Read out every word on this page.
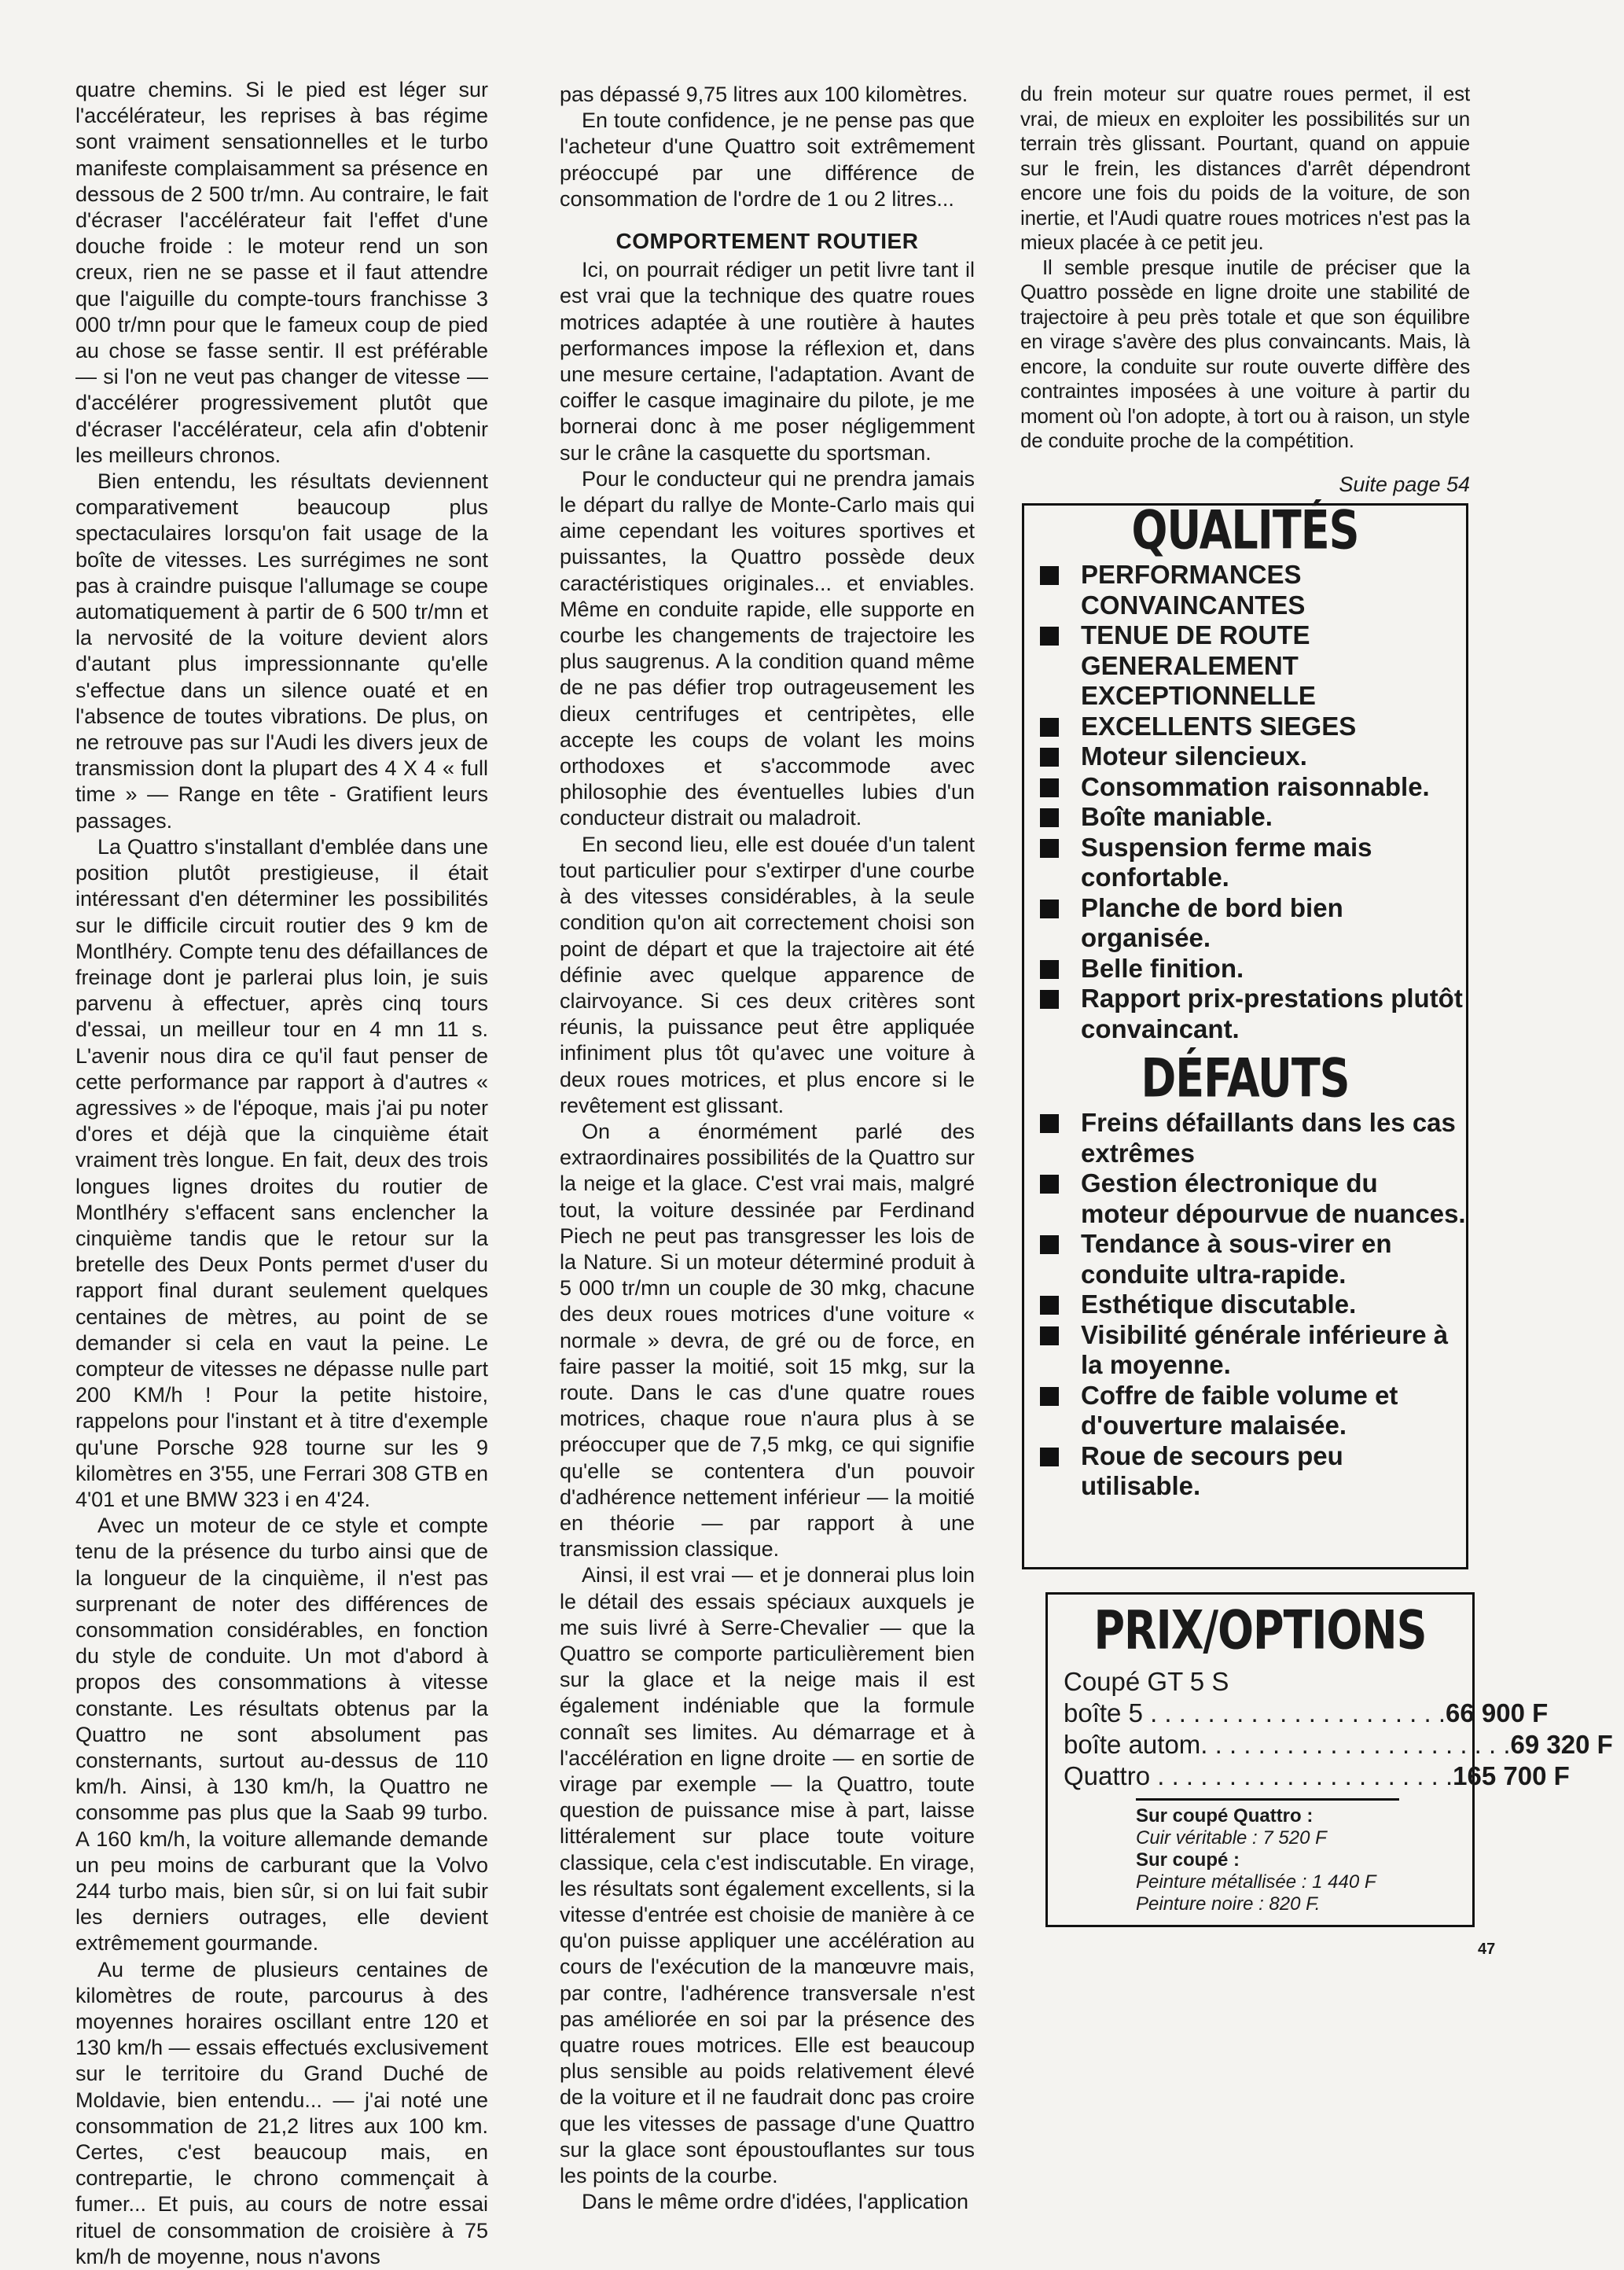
quatre chemins. Si le pied est léger sur l'accélérateur, les reprises à bas régime sont vraiment sensationnelles et le turbo manifeste complaisamment sa présence en dessous de 2 500 tr/mn. Au contraire, le fait d'écraser l'accélérateur fait l'effet d'une douche froide : le moteur rend un son creux, rien ne se passe et il faut attendre que l'aiguille du compte-tours franchisse 3 000 tr/mn pour que le fameux coup de pied au chose se fasse sentir. Il est préférable — si l'on ne veut pas changer de vitesse — d'accélérer progressivement plutôt que d'écraser l'accélérateur, cela afin d'obtenir les meilleurs chronos.

Bien entendu, les résultats deviennent comparativement beaucoup plus spectaculaires lorsqu'on fait usage de la boîte de vitesses. Les surrégimes ne sont pas à craindre puisque l'allumage se coupe automatiquement à partir de 6 500 tr/mn et la nervosité de la voiture devient alors d'autant plus impressionnante qu'elle s'effectue dans un silence ouaté et en l'absence de toutes vibrations. De plus, on ne retrouve pas sur l'Audi les divers jeux de transmission dont la plupart des 4 X 4 « full time » — Range en tête - Gratifient leurs passages.

La Quattro s'installant d'emblée dans une position plutôt prestigieuse, il était intéressant d'en déterminer les possibilités sur le difficile circuit routier des 9 km de Montlhéry. Compte tenu des défaillances de freinage dont je parlerai plus loin, je suis parvenu à effectuer, après cinq tours d'essai, un meilleur tour en 4 mn 11 s. L'avenir nous dira ce qu'il faut penser de cette performance par rapport à d'autres « agressives » de l'époque, mais j'ai pu noter d'ores et déjà que la cinquième était vraiment très longue. En fait, deux des trois longues lignes droites du routier de Montlhéry s'effacent sans enclencher la cinquième tandis que le retour sur la bretelle des Deux Ponts permet d'user du rapport final durant seulement quelques centaines de mètres, au point de se demander si cela en vaut la peine. Le compteur de vitesses ne dépasse nulle part 200 KM/h ! Pour la petite histoire, rappelons pour l'instant et à titre d'exemple qu'une Porsche 928 tourne sur les 9 kilomètres en 3'55, une Ferrari 308 GTB en 4'01 et une BMW 323 i en 4'24.

Avec un moteur de ce style et compte tenu de la présence du turbo ainsi que de la longueur de la cinquième, il n'est pas surprenant de noter des différences de consommation considérables, en fonction du style de conduite. Un mot d'abord à propos des consommations à vitesse constante. Les résultats obtenus par la Quattro ne sont absolument pas consternants, surtout au-dessus de 110 km/h. Ainsi, à 130 km/h, la Quattro ne consomme pas plus que la Saab 99 turbo. A 160 km/h, la voiture allemande demande un peu moins de carburant que la Volvo 244 turbo mais, bien sûr, si on lui fait subir les derniers outrages, elle devient extrêmement gourmande.

Au terme de plusieurs centaines de kilomètres de route, parcourus à des moyennes horaires oscillant entre 120 et 130 km/h — essais effectués exclusivement sur le territoire du Grand Duché de Moldavie, bien entendu... — j'ai noté une consommation de 21,2 litres aux 100 km. Certes, c'est beaucoup mais, en contrepartie, le chrono commençait à fumer... Et puis, au cours de notre essai rituel de consommation de croisière à 75 km/h de moyenne, nous n'avons

pas dépassé 9,75 litres aux 100 kilomètres.

En toute confidence, je ne pense pas que l'acheteur d'une Quattro soit extrêmement préoccupé par une différence de consommation de l'ordre de 1 ou 2 litres...

COMPORTEMENT ROUTIER

Ici, on pourrait rédiger un petit livre tant il est vrai que la technique des quatre roues motrices adaptée à une routière à hautes performances impose la réflexion et, dans une mesure certaine, l'adaptation. Avant de coiffer le casque imaginaire du pilote, je me bornerai donc à me poser négligemment sur le crâne la casquette du sportsman.

Pour le conducteur qui ne prendra jamais le départ du rallye de Monte-Carlo mais qui aime cependant les voitures sportives et puissantes, la Quattro possède deux caractéristiques originales... et enviables. Même en conduite rapide, elle supporte en courbe les changements de trajectoire les plus saugrenus. A la condition quand même de ne pas défier trop outrageusement les dieux centrifuges et centripètes, elle accepte les coups de volant les moins orthodoxes et s'accommode avec philosophie des éventuelles lubies d'un conducteur distrait ou maladroit.

En second lieu, elle est douée d'un talent tout particulier pour s'extirper d'une courbe à des vitesses considérables, à la seule condition qu'on ait correctement choisi son point de départ et que la trajectoire ait été définie avec quelque apparence de clairvoyance. Si ces deux critères sont réunis, la puissance peut être appliquée infiniment plus tôt qu'avec une voiture à deux roues motrices, et plus encore si le revêtement est glissant.

On a énormément parlé des extraordinaires possibilités de la Quattro sur la neige et la glace. C'est vrai mais, malgré tout, la voiture dessinée par Ferdinand Piech ne peut pas transgresser les lois de la Nature. Si un moteur déterminé produit à 5 000 tr/mn un couple de 30 mkg, chacune des deux roues motrices d'une voiture « normale » devra, de gré ou de force, en faire passer la moitié, soit 15 mkg, sur la route. Dans le cas d'une quatre roues motrices, chaque roue n'aura plus à se préoccuper que de 7,5 mkg, ce qui signifie qu'elle se contentera d'un pouvoir d'adhérence nettement inférieur — la moitié en théorie — par rapport à une transmission classique.

Ainsi, il est vrai — et je donnerai plus loin le détail des essais spéciaux auxquels je me suis livré à Serre-Chevalier — que la Quattro se comporte particulièrement bien sur la glace et la neige mais il est également indéniable que la formule connaît ses limites. Au démarrage et à l'accélération en ligne droite — en sortie de virage par exemple — la Quattro, toute question de puissance mise à part, laisse littéralement sur place toute voiture classique, cela c'est indiscutable. En virage, les résultats sont également excellents, si la vitesse d'entrée est choisie de manière à ce qu'on puisse appliquer une accélération au cours de l'exécution de la manœuvre mais, par contre, l'adhérence transversale n'est pas améliorée en soi par la présence des quatre roues motrices. Elle est beaucoup plus sensible au poids relativement élevé de la voiture et il ne faudrait donc pas croire que les vitesses de passage d'une Quattro sur la glace sont époustouflantes sur tous les points de la courbe.

Dans le même ordre d'idées, l'application

du frein moteur sur quatre roues permet, il est vrai, de mieux en exploiter les possibilités sur un terrain très glissant. Pourtant, quand on appuie sur le frein, les distances d'arrêt dépendront encore une fois du poids de la voiture, de son inertie, et l'Audi quatre roues motrices n'est pas la mieux placée à ce petit jeu.

Il semble presque inutile de préciser que la Quattro possède en ligne droite une stabilité de trajectoire à peu près totale et que son équilibre en virage s'avère des plus convaincants. Mais, là encore, la conduite sur route ouverte diffère des contraintes imposées à une voiture à partir du moment où l'on adopte, à tort ou à raison, un style de conduite proche de la compétition.

Suite page 54
QUALITÉS
PERFORMANCES CONVAINCANTES
TENUE DE ROUTE GENERALEMENT EXCEPTIONNELLE
EXCELLENTS SIEGES
Moteur silencieux.
Consommation raisonnable.
Boîte maniable.
Suspension ferme mais confortable.
Planche de bord bien organisée.
Belle finition.
Rapport prix-prestations plutôt convaincant.
DÉFAUTS
Freins défaillants dans les cas extrêmes
Gestion électronique du moteur dépourvue de nuances.
Tendance à sous-virer en conduite ultra-rapide.
Esthétique discutable.
Visibilité générale inférieure à la moyenne.
Coffre de faible volume et d'ouverture malaisée.
Roue de secours peu utilisable.
PRIX/OPTIONS
Coupé GT 5 S
boîte 5 . . . . . . . . . . . . . . . . . . . . . 66 900 F
boîte autom. . . . . . . . . . . . . . . . . . . . . . 69 320 F
Quattro . . . . . . . . . . . . . . . . . . . . . 165 700 F
Sur coupé Quattro :
Cuir véritable : 7 520 F
Sur coupé :
Peinture métallisée : 1 440 F
Peinture noire : 820 F.
47
